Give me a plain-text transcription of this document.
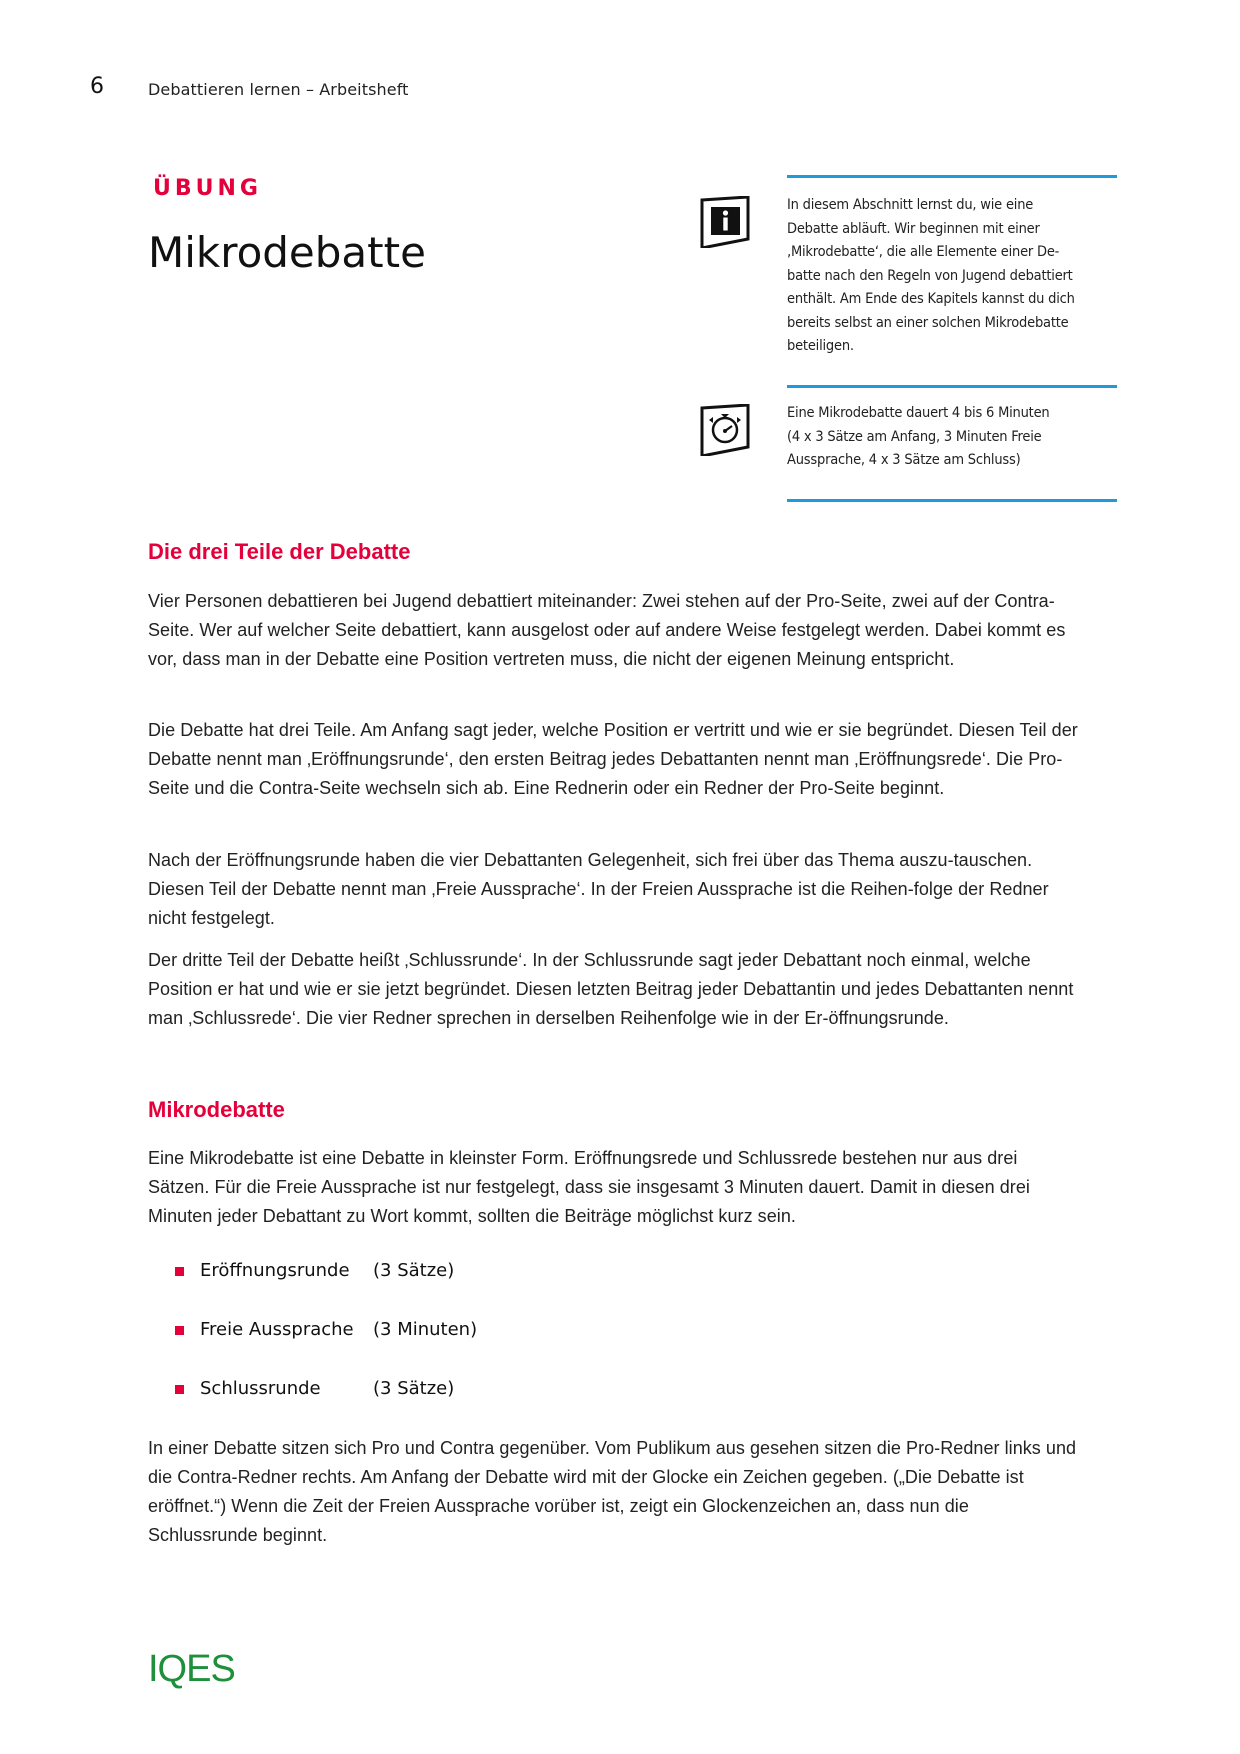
6	Debattieren lernen – Arbeitsheft
ÜBUNG
Mikrodebatte
In diesem Abschnitt lernst du, wie eine
Debatte abläuft. Wir beginnen mit einer
‚Mikrodebatte‘, die alle Elemente einer De-
batte nach den Regeln von Jugend debattiert
enthält. Am Ende des Kapitels kannst du dich
bereits selbst an einer solchen Mikrodebatte
beteiligen.
Eine Mikrodebatte dauert 4 bis 6 Minuten
(4 x 3 Sätze am Anfang, 3 Minuten Freie
Aussprache, 4 x 3 Sätze am Schluss)
Die drei Teile der Debatte

Vier Personen debattieren bei Jugend debattiert miteinander: Zwei stehen auf der Pro-Seite, zwei auf der Contra-Seite. Wer auf welcher Seite debattiert, kann ausgelost oder auf andere Weise festgelegt werden. Dabei kommt es vor, dass man in der Debatte eine Position vertreten muss, die nicht der eigenen Meinung entspricht.

Die Debatte hat drei Teile. Am Anfang sagt jeder, welche Position er vertritt und wie er sie begründet. Diesen Teil der Debatte nennt man ‚Eröffnungsrunde‘, den ersten Beitrag jedes Debattanten nennt man ‚Eröffnungsrede‘. Die Pro-Seite und die Contra-Seite wechseln sich ab. Eine Rednerin oder ein Redner der Pro-Seite beginnt.

Nach der Eröffnungsrunde haben die vier Debattanten Gelegenheit, sich frei über das Thema auszu-tauschen. Diesen Teil der Debatte nennt man ‚Freie Aussprache‘. In der Freien Aussprache ist die Reihen-folge der Redner nicht festgelegt.

Der dritte Teil der Debatte heißt ‚Schlussrunde‘. In der Schlussrunde sagt jeder Debattant noch einmal, welche Position er hat und wie er sie jetzt begründet. Diesen letzten Beitrag jeder Debattantin und jedes Debattanten nennt man ‚Schlussrede‘. Die vier Redner sprechen in derselben Reihenfolge wie in der Er-öffnungsrunde.

Mikrodebatte

Eine Mikrodebatte ist eine Debatte in kleinster Form. Eröffnungsrede und Schlussrede bestehen nur aus drei Sätzen. Für die Freie Aussprache ist nur festgelegt, dass sie insgesamt 3 Minuten dauert. Damit in diesen drei Minuten jeder Debattant zu Wort kommt, sollten die Beiträge möglichst kurz sein.

Eröffnungsrunde	(3 Sätze)
Freie Aussprache	(3 Minuten)
Schlussrunde	(3 Sätze)

In einer Debatte sitzen sich Pro und Contra gegenüber. Vom Publikum aus gesehen sitzen die Pro-Redner links und die Contra-Redner rechts. Am Anfang der Debatte wird mit der Glocke ein Zeichen gegeben. („Die Debatte ist eröffnet.“) Wenn die Zeit der Freien Aussprache vorüber ist, zeigt ein Glockenzeichen an, dass nun die Schlussrunde beginnt.

IQES
